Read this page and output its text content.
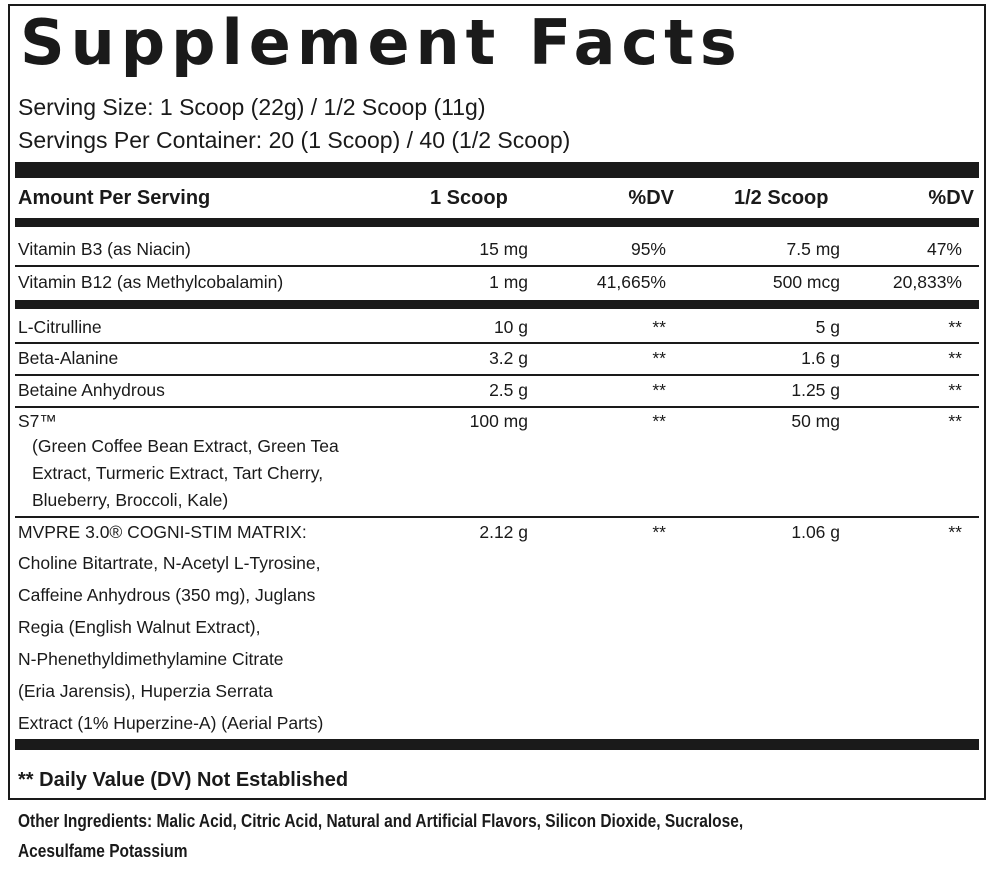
Supplement Facts
Serving Size: 1 Scoop (22g) / 1/2 Scoop (11g)
Servings Per Container: 20 (1 Scoop) / 40 (1/2 Scoop)
Amount Per Serving	1 Scoop	%DV	1/2 Scoop	%DV
Vitamin B3 (as Niacin)	15 mg	95%	7.5 mg	47%
Vitamin B12 (as Methylcobalamin)	1 mg	41,665%	500 mcg	20,833%
L-Citrulline	10 g	**	5 g	**
Beta-Alanine	3.2 g	**	1.6 g	**
Betaine Anhydrous	2.5 g	**	1.25 g	**
S7™
(Green Coffee Bean Extract, Green Tea
Extract, Turmeric Extract, Tart Cherry,
Blueberry, Broccoli, Kale)
100 mg	**	50 mg	**
MVPRE 3.0® COGNI-STIM MATRIX:
Choline Bitartrate, N-Acetyl L-Tyrosine,
Caffeine Anhydrous (350 mg), Juglans
Regia (English Walnut Extract),
N-Phenethyldimethylamine Citrate
(Eria Jarensis), Huperzia Serrata
Extract (1% Huperzine-A) (Aerial Parts)
2.12 g	**	1.06 g	**
** Daily Value (DV) Not Established
Other Ingredients: Malic Acid, Citric Acid, Natural and Artificial Flavors, Silicon Dioxide, Sucralose,
Acesulfame Potassium
